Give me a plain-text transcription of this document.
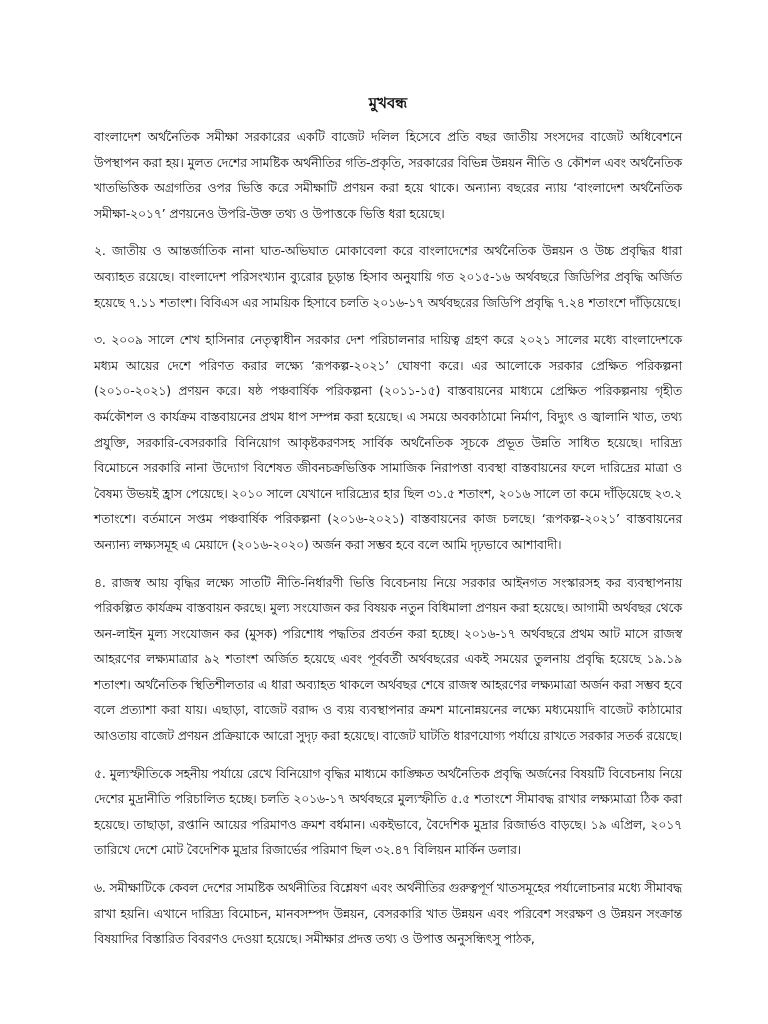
মুখবন্ধ

বাংলাদেশ অর্থনৈতিক সমীক্ষা সরকারের একটি বাজেট দলিল হিসেবে প্রতি বছর জাতীয় সংসদের বাজেট অধিবেশনে উপস্থাপন করা হয়। মুলত দেশের সামষ্টিক অর্থনীতির গতি-প্রকৃতি, সরকারের বিভিন্ন উন্নয়ন নীতি ও কৌশল এবং অর্থনৈতিক খাতভিত্তিক অগ্রগতির ওপর ভিত্তি করে সমীক্ষাটি প্রণয়ন করা হয়ে থাকে। অন্যান্য বছরের ন্যায় ‘বাংলাদেশ অর্থনৈতিক সমীক্ষা-২০১৭’ প্রণয়নেও উপরি-উক্ত তথ্য ও উপাত্তকে ভিত্তি ধরা হয়েছে।

২. জাতীয় ও আন্তর্জাতিক নানা ঘাত-অভিঘাত মোকাবেলা করে বাংলাদেশের অর্থনৈতিক উন্নয়ন ও উচ্চ প্রবৃদ্ধির ধারা অব্যাহত রয়েছে। বাংলাদেশ পরিসংখ্যান ব্যুরোর চূড়ান্ত হিসাব অনুযায়ি গত ২০১৫-১৬ অর্থবছরে জিডিপির প্রবৃদ্ধি অর্জিত হয়েছে ৭.১১ শতাংশ। বিবিএস এর সাময়িক হিসাবে চলতি ২০১৬-১৭ অর্থবছরের জিডিপি প্রবৃদ্ধি ৭.২৪ শতাংশে দাঁড়িয়েছে।

৩. ২০০৯ সালে শেখ হাসিনার নেতৃত্বাধীন সরকার দেশ পরিচালনার দায়িত্ব গ্রহণ করে ২০২১ সালের মধ্যে বাংলাদেশকে মধ্যম আয়ের দেশে পরিণত করার লক্ষ্যে ‘রূপকল্প-২০২১’ ঘোষণা করে। এর আলোকে সরকার প্রেক্ষিত পরিকল্পনা (২০১০-২০২১) প্রণয়ন করে। ষষ্ঠ পঞ্চবার্ষিক পরিকল্পনা (২০১১-১৫) বাস্তবায়নের মাধ্যমে প্রেক্ষিত পরিকল্পনায় গৃহীত কর্মকৌশল ও কার্যক্রম বাস্তবায়নের প্রথম ধাপ সম্পন্ন করা হয়েছে। এ সময়ে অবকাঠামো নির্মাণ, বিদ্যুৎ ও জ্বালানি খাত, তথ্য প্রযুক্তি, সরকারি-বেসরকারি বিনিয়োগ আকৃষ্টকরণসহ সার্বিক অর্থনৈতিক সূচকে প্রভূত উন্নতি সাধিত হয়েছে। দারিদ্র্য বিমোচনে সরকারি নানা উদ্যোগ বিশেষত জীবনচক্রভিত্তিক সামাজিক নিরাপত্তা ব্যবস্থা বাস্তবায়নের ফলে দারিদ্রের মাত্রা ও বৈষম্য উভয়ই হ্রাস পেয়েছে। ২০১০ সালে যেখানে দারিদ্র্যের হার ছিল ৩১.৫ শতাংশ, ২০১৬ সালে তা কমে দাঁড়িয়েছে ২৩.২ শতাংশে। বর্তমানে সপ্তম পঞ্চবার্ষিক পরিকল্পনা (২০১৬-২০২১) বাস্তবায়নের কাজ চলছে। ‘রূপকল্প-২০২১’ বাস্তবায়নের অন্যান্য লক্ষ্যসমূহ এ মেয়াদে (২০১৬-২০২০) অর্জন করা সম্ভব হবে বলে আমি দৃঢ়ভাবে আশাবাদী।

৪. রাজস্ব আয় বৃদ্ধির লক্ষ্যে সাতটি নীতি-নির্ধারণী ভিত্তি বিবেচনায় নিয়ে সরকার আইনগত সংস্কারসহ কর ব্যবস্থাপনায় পরিকল্পিত কার্যক্রম বাস্তবায়ন করছে। মুল্য সংযোজন কর বিষয়ক নতুন বিধিমালা প্রণয়ন করা হয়েছে। আগামী অর্থবছর থেকে অন-লাইন মুল্য সংযোজন কর (মুসক) পরিশোধ পদ্ধতির প্রবর্তন করা হচ্ছে। ২০১৬-১৭ অর্থবছরে প্রথম আট মাসে রাজস্ব আহরণের লক্ষ্যমাত্রার ৯২ শতাংশ অর্জিত হয়েছে এবং পূর্ববর্তী অর্থবছরের একই সময়ের তুলনায় প্রবৃদ্ধি হয়েছে ১৯.১৯ শতাংশ। অর্থনৈতিক স্থিতিশীলতার এ ধারা অব্যাহত থাকলে অর্থবছর শেষে রাজস্ব আহরণের লক্ষ্যমাত্রা অর্জন করা সম্ভব হবে বলে প্রত্যাশা করা যায়। এছাড়া, বাজেট বরাদ্দ ও ব্যয় ব্যবস্থাপনার ক্রমশ মানোন্নয়নের লক্ষ্যে মধ্যমেয়াদি বাজেট কাঠামোর আওতায় বাজেট প্রণয়ন প্রক্রিয়াকে আরো সুদৃঢ় করা হয়েছে। বাজেট ঘাটতি ধারণযোগ্য পর্যায়ে রাখতে সরকার সতর্ক রয়েছে।

৫. মুল্যস্ফীতিকে সহনীয় পর্যায়ে রেখে বিনিয়োগ বৃদ্ধির মাধ্যমে কাঙ্ক্ষিত অর্থনৈতিক প্রবৃদ্ধি অর্জনের বিষয়টি বিবেচনায় নিয়ে দেশের মুদ্রানীতি পরিচালিত হচ্ছে। চলতি ২০১৬-১৭ অর্থবছরে মুল্যস্ফীতি ৫.৫ শতাংশে সীমাবদ্ধ রাখার লক্ষ্যমাত্রা ঠিক করা হয়েছে। তাছাড়া, রপ্তানি আয়ের পরিমাণও ক্রমশ বর্ধমান। একইভাবে, বৈদেশিক মুদ্রার রিজার্ভও বাড়ছে। ১৯ এপ্রিল, ২০১৭ তারিখে দেশে মোট বৈদেশিক মুদ্রার রিজার্ভের পরিমাণ ছিল ৩২.৪৭ বিলিয়ন মার্কিন ডলার।

৬. সমীক্ষাটিকে কেবল দেশের সামষ্টিক অর্থনীতির বিশ্লেষণ এবং অর্থনীতির গুরুত্বপূর্ণ খাতসমূহের পর্যালোচনার মধ্যে সীমাবদ্ধ রাখা হয়নি। এখানে দারিদ্র্য বিমোচন, মানবসম্পদ উন্নয়ন, বেসরকারি খাত উন্নয়ন এবং পরিবেশ সংরক্ষণ ও উন্নয়ন সংক্রান্ত বিষয়াদির বিস্তারিত বিবরণও দেওয়া হয়েছে। সমীক্ষার প্রদত্ত তথ্য ও উপাত্ত অনুসন্ধিৎসু পাঠক,
